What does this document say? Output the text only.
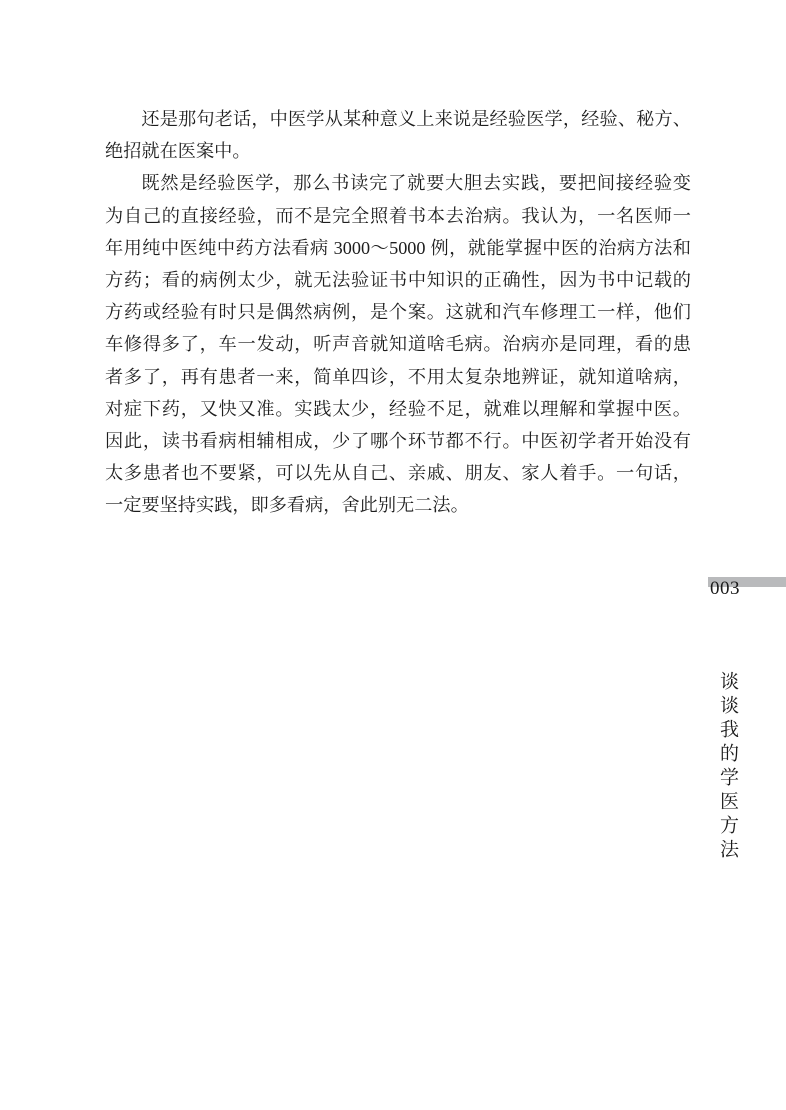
还是那句老话，中医学从某种意义上来说是经验医学，经验、秘方、
绝招就在医案中。
既然是经验医学，那么书读完了就要大胆去实践，要把间接经验变
为自己的直接经验，而不是完全照着书本去治病。我认为，一名医师一
年用纯中医纯中药方法看病 3000～5000 例，就能掌握中医的治病方法和
方药；看的病例太少，就无法验证书中知识的正确性，因为书中记载的
方药或经验有时只是偶然病例，是个案。这就和汽车修理工一样，他们
车修得多了，车一发动，听声音就知道啥毛病。治病亦是同理，看的患
者多了，再有患者一来，简单四诊，不用太复杂地辨证，就知道啥病，
对症下药，又快又准。实践太少，经验不足，就难以理解和掌握中医。
因此，读书看病相辅相成，少了哪个环节都不行。中医初学者开始没有
太多患者也不要紧，可以先从自己、亲戚、朋友、家人着手。一句话，
一定要坚持实践，即多看病，舍此别无二法。
003
谈谈我的学医方法
